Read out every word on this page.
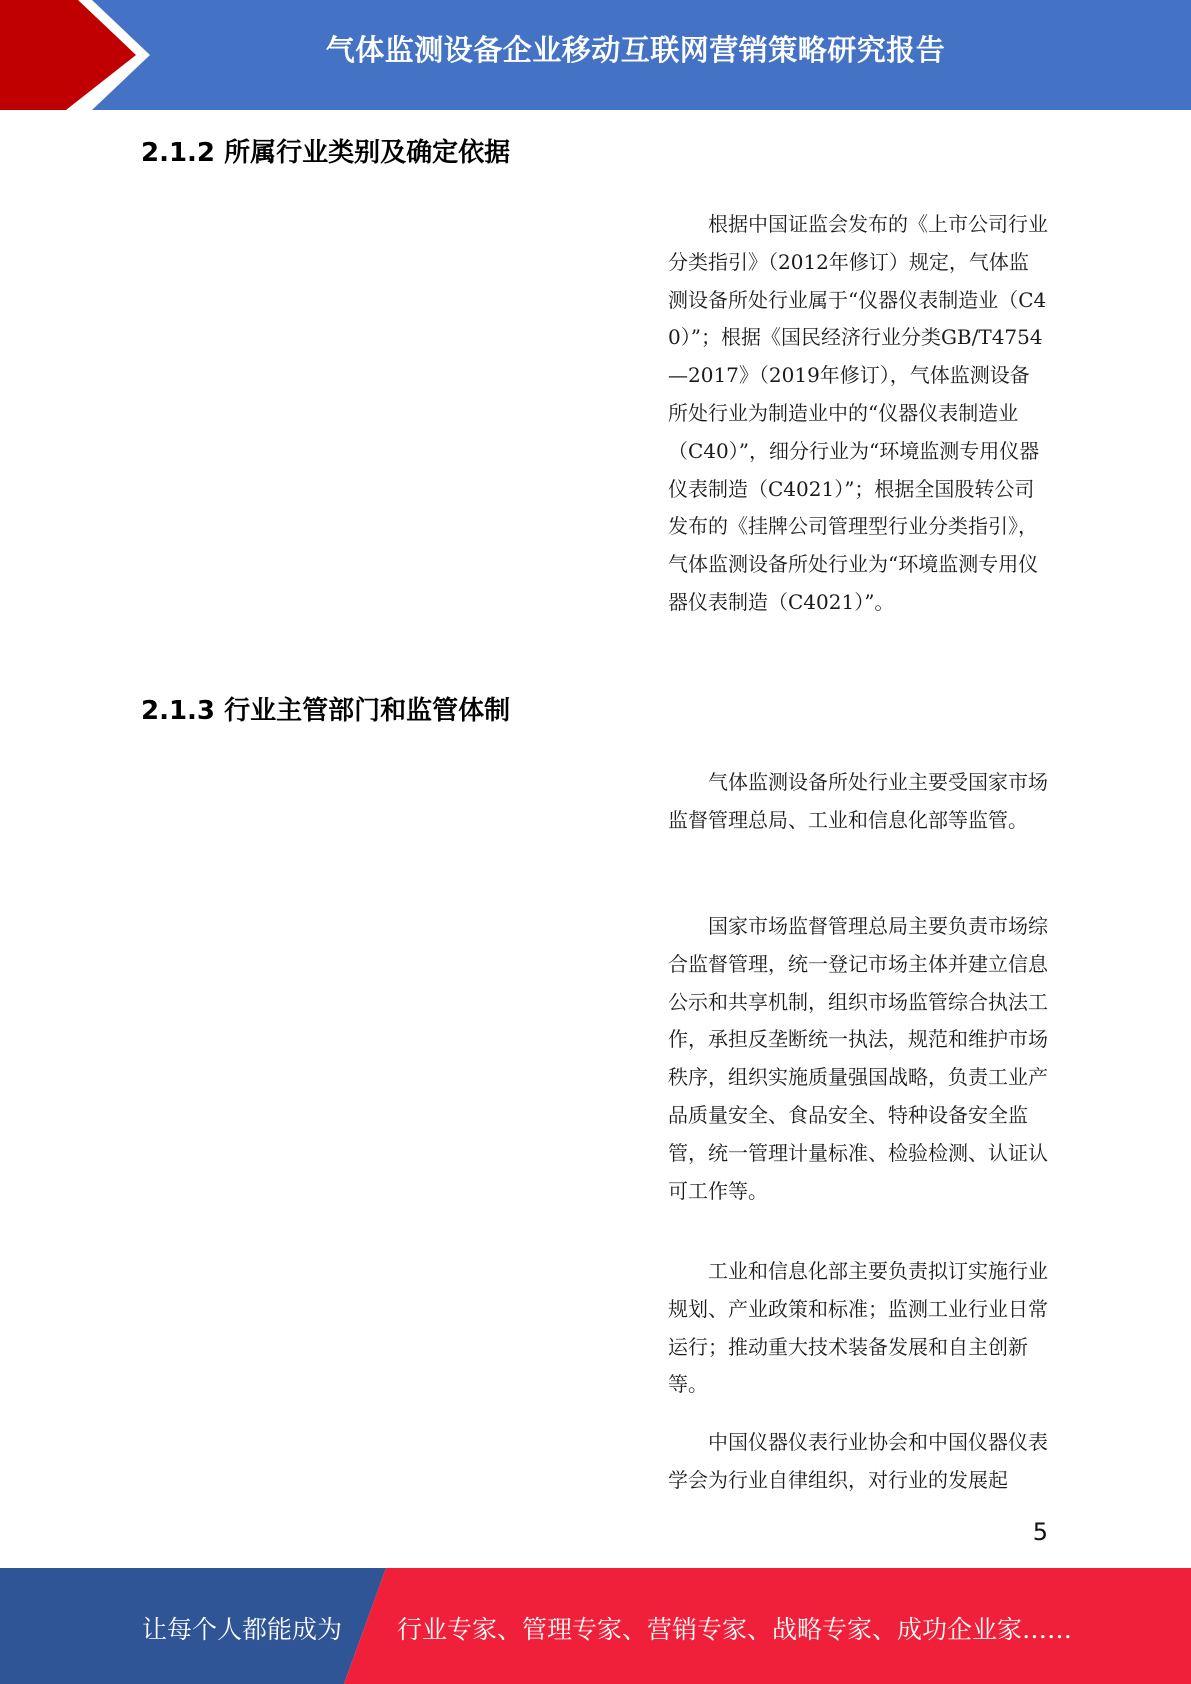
气体监测设备企业移动互联网营销策略研究报告
2.1.2 所属行业类别及确定依据

根据中国证监会发布的《上市公司行业分类指引》（2012年修订）规定，气体监测设备所处行业属于“仪器仪表制造业（C40）”；根据《国民经济行业分类GB/T4754—2017》（2019年修订），气体监测设备所处行业为制造业中的“仪器仪表制造业（C40）”，细分行业为“环境监测专用仪器仪表制造（C4021）”；根据全国股转公司发布的《挂牌公司管理型行业分类指引》，气体监测设备所处行业为“环境监测专用仪器仪表制造（C4021）”。

2.1.3 行业主管部门和监管体制

气体监测设备所处行业主要受国家市场监督管理总局、工业和信息化部等监管。

国家市场监督管理总局主要负责市场综合监督管理，统一登记市场主体并建立信息公示和共享机制，组织市场监管综合执法工作，承担反垄断统一执法，规范和维护市场秩序，组织实施质量强国战略，负责工业产品质量安全、食品安全、特种设备安全监管，统一管理计量标准、检验检测、认证认可工作等。

工业和信息化部主要负责拟订实施行业规划、产业政策和标准；监测工业行业日常运行；推动重大技术装备发展和自主创新等。

中国仪器仪表行业协会和中国仪器仪表学会为行业自律组织，对行业的发展起

5
让每个人都能成为	行业专家、管理专家、营销专家、战略专家、成功企业家……
